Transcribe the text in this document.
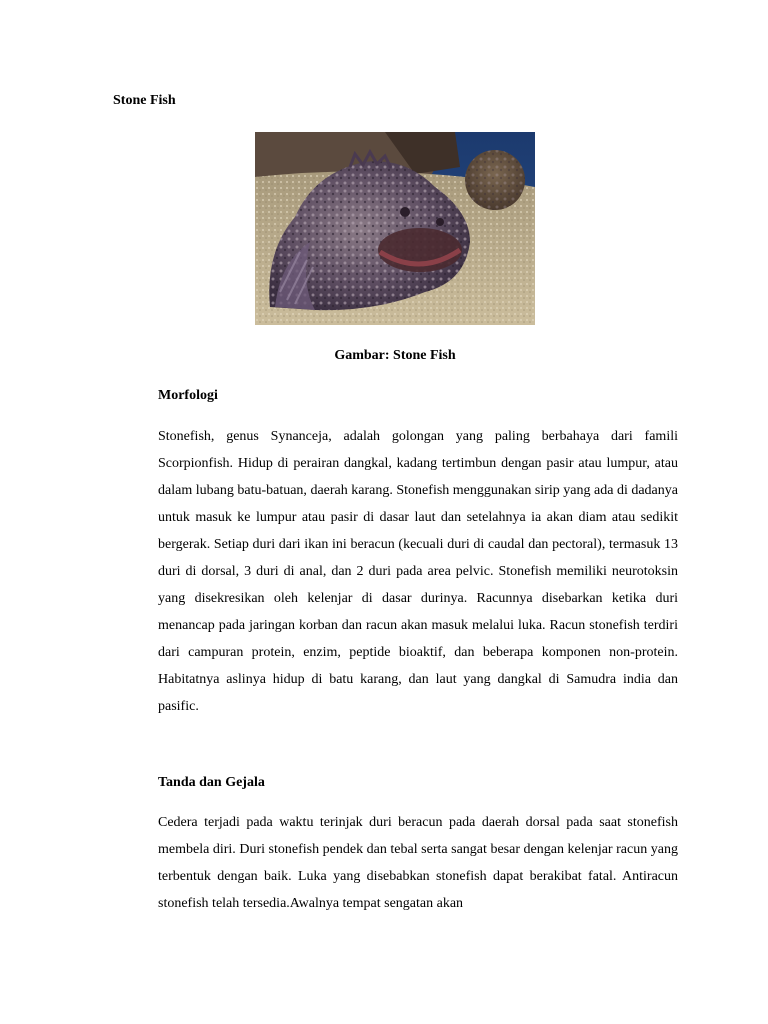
Stone Fish

Gambar: Stone Fish

Morfologi

Stonefish, genus Synanceja, adalah golongan yang paling berbahaya dari famili Scorpionfish. Hidup di perairan dangkal, kadang tertimbun dengan pasir atau lumpur, atau dalam lubang batu-batuan, daerah karang. Stonefish menggunakan sirip yang ada di dadanya untuk masuk ke lumpur atau pasir di dasar laut dan setelahnya ia akan diam atau sedikit bergerak. Setiap duri dari ikan ini beracun (kecuali duri di caudal dan pectoral), termasuk 13 duri di dorsal, 3 duri di anal, dan 2 duri pada area pelvic. Stonefish memiliki neurotoksin yang disekresikan oleh kelenjar di dasar durinya. Racunnya disebarkan ketika duri menancap pada jaringan korban dan racun akan masuk melalui luka. Racun stonefish terdiri dari campuran protein, enzim, peptide bioaktif, dan beberapa komponen non-protein. Habitatnya aslinya hidup di batu karang, dan laut yang dangkal di Samudra india dan pasific.

Tanda dan Gejala

Cedera terjadi pada waktu terinjak duri beracun pada daerah dorsal pada saat stonefish membela diri. Duri stonefish pendek dan tebal serta sangat besar dengan kelenjar racun yang terbentuk dengan baik. Luka yang disebabkan stonefish dapat berakibat fatal. Antiracun stonefish telah tersedia.Awalnya tempat sengatan akan
